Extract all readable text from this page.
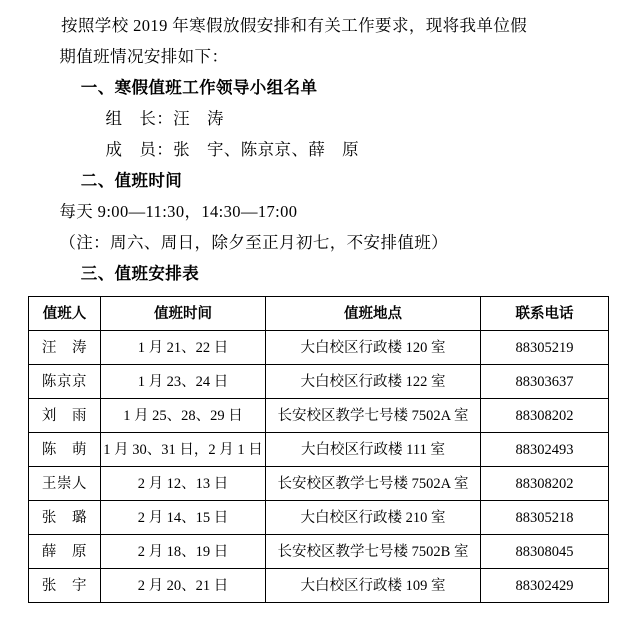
按照学校 2019 年寒假放假安排和有关工作要求，现将我单位假
期值班情况安排如下：
一、寒假值班工作领导小组名单
组　长：汪　涛
成　员：张　宇、陈京京、薛　原
二、值班时间
每天 9:00—11:30，14:30—17:00
（注：周六、周日，除夕至正月初七，不安排值班）
三、值班安排表
值班人	值班时间	值班地点	联系电话
汪　涛	1 月 21、22 日	大白校区行政楼 120 室	88305219
陈京京	1 月 23、24 日	大白校区行政楼 122 室	88303637
刘　雨	1 月 25、28、29 日	长安校区教学七号楼 7502A 室	88308202
陈　萌	1 月 30、31 日，2 月 1 日	大白校区行政楼 111 室	88302493
王崇人	2 月 12、13 日	长安校区教学七号楼 7502A 室	88308202
张　璐	2 月 14、15 日	大白校区行政楼 210 室	88305218
薛　原	2 月 18、19 日	长安校区教学七号楼 7502B 室	88308045
张　宇	2 月 20、21 日	大白校区行政楼 109 室	88302429
